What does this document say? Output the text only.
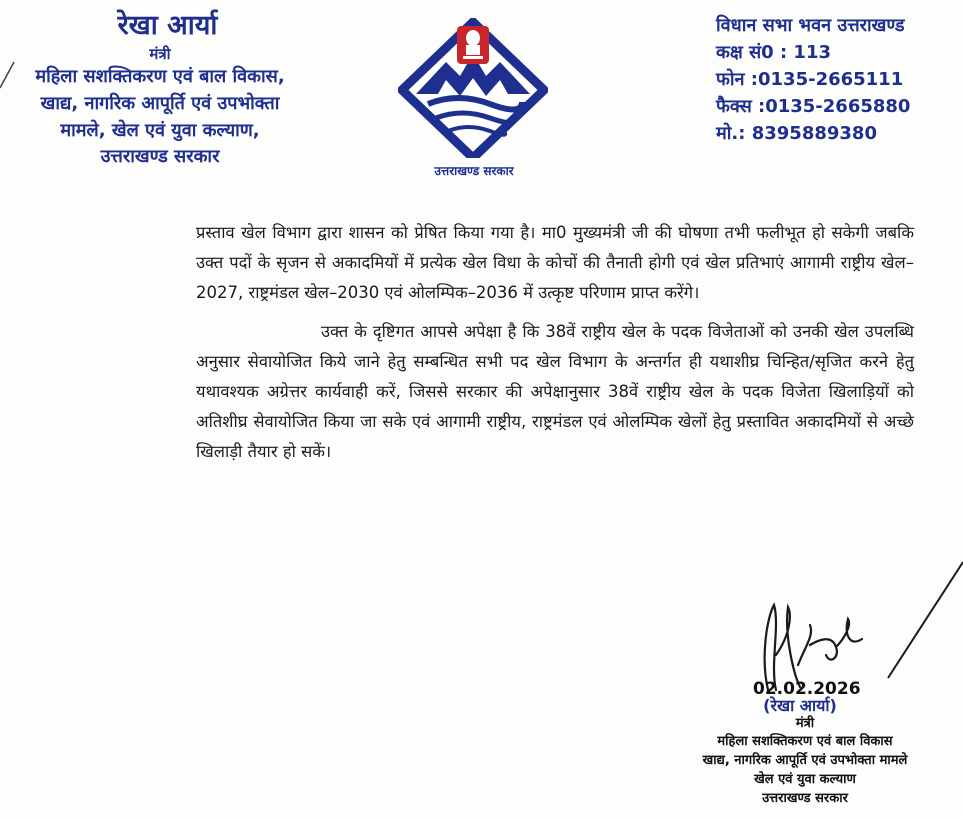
रेखा आर्या
मंत्री
महिला सशक्तिकरण एवं बाल विकास,
खाद्य, नागरिक आपूर्ति एवं उपभोक्ता
मामले, खेल एवं युवा कल्याण,
उत्तराखण्ड सरकार
उत्तराखण्ड सरकार
विधान सभा भवन उत्तराखण्ड
कक्ष सं0 : 113
फोन :0135-2665111
फैक्स :0135-2665880
मो.: 8395889380

प्रस्ताव खेल विभाग द्वारा शासन को प्रेषित किया गया है। मा0 मुख्यमंत्री जी की घोषणा तभी फलीभूत हो सकेगी जबकि उक्त पदों के सृजन से अकादमियों में प्रत्येक खेल विधा के कोचों की तैनाती होगी एवं खेल प्रतिभाएं आगामी राष्ट्रीय खेल–2027, राष्ट्रमंडल खेल–2030 एवं ओलम्पिक–2036 में उत्कृष्ट परिणाम प्राप्त करेंगे।

उक्त के दृष्टिगत आपसे अपेक्षा है कि 38वें राष्ट्रीय खेल के पदक विजेताओं को उनकी खेल उपलब्धि अनुसार सेवायोजित किये जाने हेतु सम्बन्धित सभी पद खेल विभाग के अन्तर्गत ही यथाशीघ्र चिन्हित/सृजित करने हेतु यथावश्यक अग्रेत्तर कार्यवाही करें, जिससे सरकार की अपेक्षानुसार 38वें राष्ट्रीय खेल के पदक विजेता खिलाड़ियों को अतिशीघ्र सेवायोजित किया जा सके एवं आगामी राष्ट्रीय, राष्ट्रमंडल एवं ओलम्पिक खेलों हेतु प्रस्तावित अकादमियों से अच्छे खिलाड़ी तैयार हो सकें।

02.02.2026
(रेखा आर्या)
मंत्री
महिला सशक्तिकरण एवं बाल विकास
खाद्य, नागरिक आपूर्ति एवं उपभोक्ता मामले
खेल एवं युवा कल्याण
उत्तराखण्ड सरकार
